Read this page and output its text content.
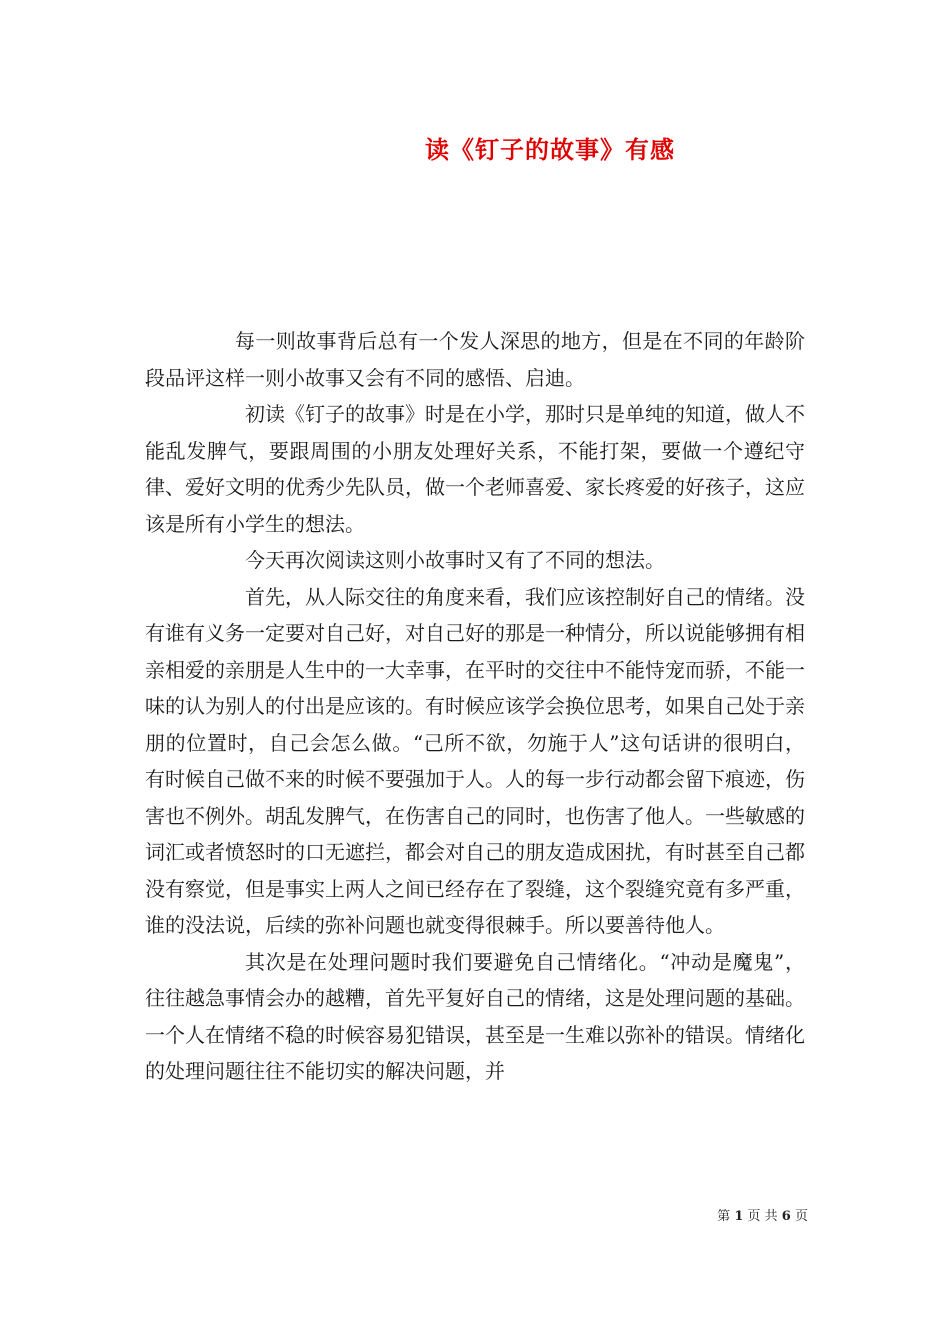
读《钉子的故事》有感

每一则故事背后总有一个发人深思的地方，但是在不同的年龄阶段品评这样一则小故事又会有不同的感悟、启迪。

初读《钉子的故事》时是在小学，那时只是单纯的知道，做人不能乱发脾气，要跟周围的小朋友处理好关系，不能打架，要做一个遵纪守律、爱好文明的优秀少先队员，做一个老师喜爱、家长疼爱的好孩子，这应该是所有小学生的想法。

今天再次阅读这则小故事时又有了不同的想法。

首先，从人际交往的角度来看，我们应该控制好自己的情绪。没有谁有义务一定要对自己好，对自己好的那是一种情分，所以说能够拥有相亲相爱的亲朋是人生中的一大幸事，在平时的交往中不能恃宠而骄，不能一味的认为别人的付出是应该的。有时候应该学会换位思考，如果自己处于亲朋的位置时，自己会怎么做。“己所不欲，勿施于人”这句话讲的很明白，有时候自己做不来的时候不要强加于人。人的每一步行动都会留下痕迹，伤害也不例外。胡乱发脾气，在伤害自己的同时，也伤害了他人。一些敏感的词汇或者愤怒时的口无遮拦，都会对自己的朋友造成困扰，有时甚至自己都没有察觉，但是事实上两人之间已经存在了裂缝，这个裂缝究竟有多严重，谁的没法说，后续的弥补问题也就变得很棘手。所以要善待他人。

其次是在处理问题时我们要避免自己情绪化。“冲动是魔鬼”，往往越急事情会办的越糟，首先平复好自己的情绪，这是处理问题的基础。一个人在情绪不稳的时候容易犯错误，甚至是一生难以弥补的错误。情绪化的处理问题往往不能切实的解决问题，并

第 1 页 共 6 页
